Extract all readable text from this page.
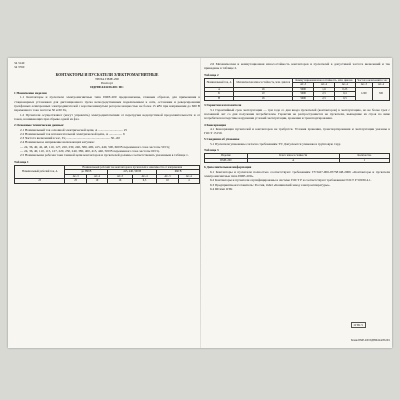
34 3140
34 3760
КОНТАКТОРЫ И ПУСКАТЕЛИ ЭЛЕКТРОМАГНИТНЫЕ
ТИПА ПМЕ-200
Паспорт
ИДНФ.644236.001 ПС
1 Назначение изделия
1.1 Контакторы и пускатели электромагнитные типа ПМЕ-200 предназначены, главным образом, для применения в стационарных установках для дистанционного пуска непосредственным подключением к сети, остановки и реверсирования трехфазных асинхронных электродвигателей с короткозамкнутым ротором мощностью не более 15 кВт при напряжении до 660 В переменного тока частоты 50 и 60 Гц.
1.2 Пускатели осуществляют (могут управлять) электродвигателями от перегрузки недопустимой продолжительности и от токов, возникающих при обрыве одной из фаз.
2 Основные технические данные:
2.1 Номинальный ток основной электрической цепи, А .............................. 25
2.2 Номинальный ток вспомогательной электрической цепи, А ................ 6
2.3 Частота включений в час, Гц ..................................................... 30...60
2.4 Номинальное напряжение включающих катушек:
— 24, 36, 40, 42, 48, 110, 127, 220, 230, 240, 380, 400, 415, 440, 500, 660 В переменного тока частоты 50 Гц;
— 24, 36, 40, 110, 115, 127, 220, 230, 240, 380, 400, 415, 440, 500 В переменного тока частоты 60 Гц.
2.5 Номинальная рабочая токи главной цепи контакторов и пускателей должны соответствовать указанным в таблице 1.
Таблица 1
Номинальный рабочий ток, А	Номинальный рабочий ток контакторов и пускателей в зависимости от напряжения					
	до 380 В		415, 440, 500 В		660 В	
	АС-3	АС-4	АС-3	АС-4	АС-3	АС-4
25	25	10	16	6,3	10	4
2.6 Механическая и коммутационная износостойкость контакторов и пускателей в допустимой частоте включений и так приведены в таблице 2.
Таблица 2
Номинальный ток, А	Механическая износостойкость, млн. циклов	Коммутационная износостойкость, млн. циклов			Частота включений в час	
		АС-3	АС-4	АС-4	АС-3	АС-4
А	16	5000	1,6	0,25	1200	300
Б	10	5000	2,5	0,4		
В	16	5000	2,5	0,3		
3 Гарантии изготовителя
3.1 Гарантийный срок эксплуатации — три года со дня ввода пускателей (контакторов) в эксплуатацию, но не более трех с половиной лет со дня получения потребителем. Гарантия не распространяется на пускатели, вышедшие из строя по вине потребителя вследствие нарушения условий эксплуатации, хранения и транспортирования.
4 Консервация
4.1 Консервация пускателей и контакторов не требуется. Условия хранения, транспортирования и эксплуатации указаны в ГОСТ 15150.
5 Сведения об упаковке
5.1 Пускатели упакованы согласно требованиям ТУ. Допускается упаковка в групповую тару.
Таблица 3
Изделие	Класс износостойкости	Количество
ПМЕ-200	А	1
6 Дополнительная информация
6.1 Контакторы и пускатели полностью соответствуют требованиям ТУ3427-006-05758148-2006 «Контакторы и пускатели электромагнитные типа ПМЕ-200».
6.2 Контакторы и пускатели сертифицированы в системе ГОСТ Р и соответствуют требованиям ГОСТ Р 50030.4.1.
6.3 Предприятие-изготовитель: Россия, ОАО «Кашинский завод электроаппаратуры».
6.4 Штамп ОТК
ОТК 5
Бланк ПМЕ-200 ИДНФ.644236.001
